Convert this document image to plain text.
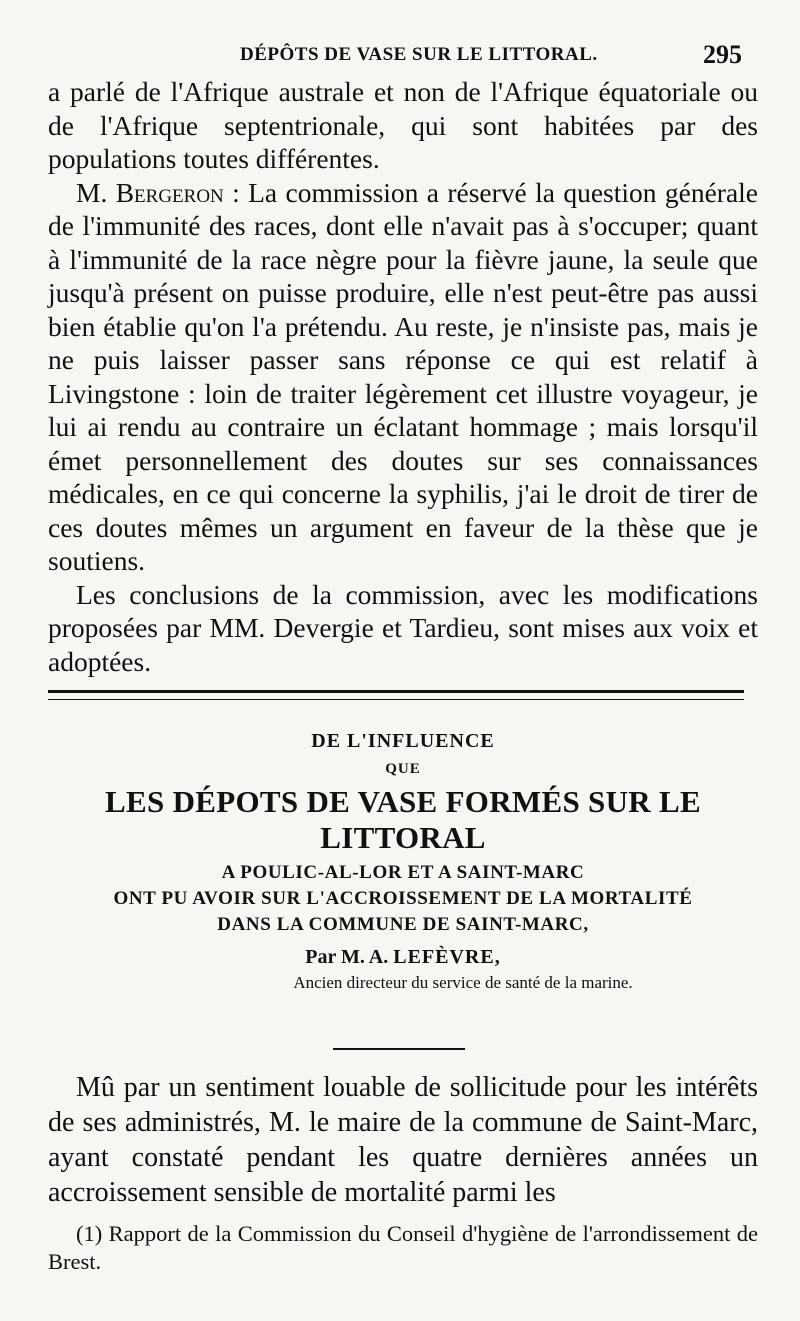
DÉPÔTS DE VASE SUR LE LITTORAL.	295

a parlé de l'Afrique australe et non de l'Afrique équatoriale ou de l'Afrique septentrionale, qui sont habitées par des populations toutes différentes.

M. Bergeron : La commission a réservé la question générale de l'immunité des races, dont elle n'avait pas à s'occuper; quant à l'immunité de la race nègre pour la fièvre jaune, la seule que jusqu'à présent on puisse produire, elle n'est peut-être pas aussi bien établie qu'on l'a prétendu. Au reste, je n'insiste pas, mais je ne puis laisser passer sans réponse ce qui est relatif à Livingstone : loin de traiter légèrement cet illustre voyageur, je lui ai rendu au contraire un éclatant hommage ; mais lorsqu'il émet personnellement des doutes sur ses connaissances médicales, en ce qui concerne la syphilis, j'ai le droit de tirer de ces doutes mêmes un argument en faveur de la thèse que je soutiens.

Les conclusions de la commission, avec les modifications proposées par MM. Devergie et Tardieu, sont mises aux voix et adoptées.

DE L'INFLUENCE
QUE
LES DÉPOTS DE VASE FORMÉS SUR LE LITTORAL
A POULIC-AL-LOR ET A SAINT-MARC
ONT PU AVOIR SUR L'ACCROISSEMENT DE LA MORTALITÉ
DANS LA COMMUNE DE SAINT-MARC,
Par M. A. LEFÈVRE,
Ancien directeur du service de santé de la marine.

Mû par un sentiment louable de sollicitude pour les intérêts de ses administrés, M. le maire de la commune de Saint-Marc, ayant constaté pendant les quatre dernières années un accroissement sensible de mortalité parmi les

(1) Rapport de la Commission du Conseil d'hygiène de l'arrondissement de Brest.
